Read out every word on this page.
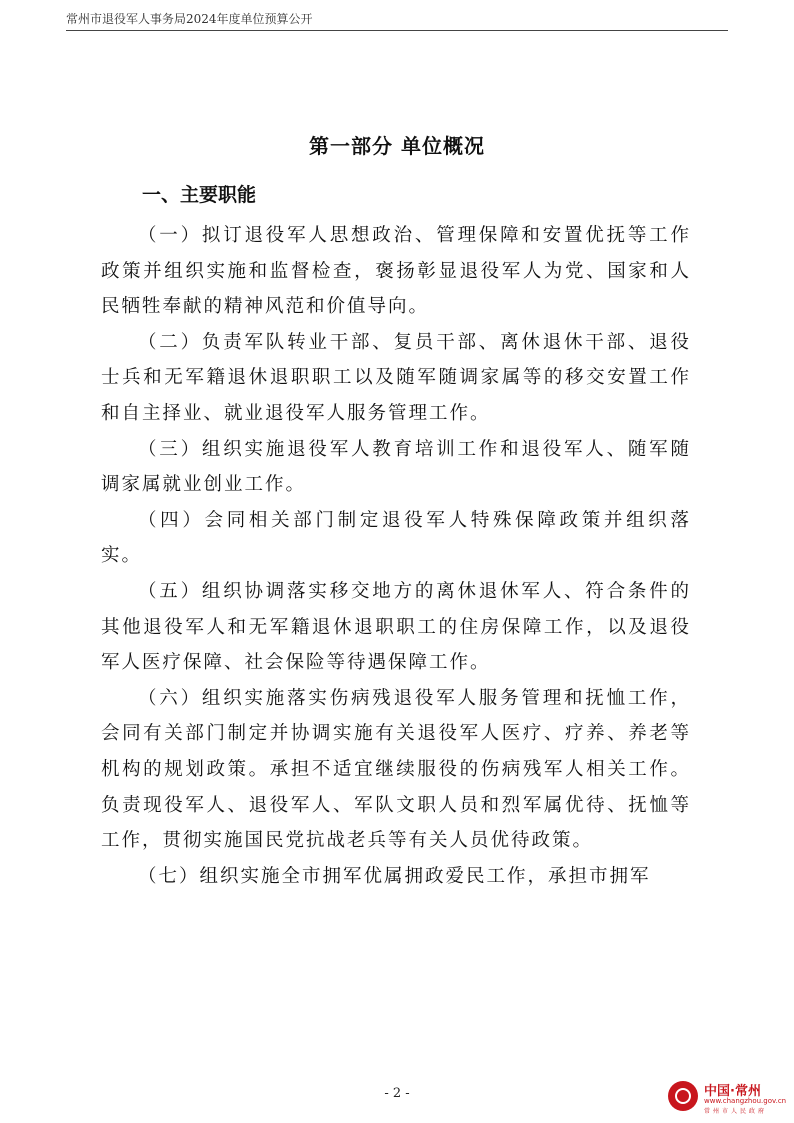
常州市退役军人事务局2024年度单位预算公开
第一部分 单位概况
一、主要职能

（一）拟订退役军人思想政治、管理保障和安置优抚等工作政策并组织实施和监督检查，褒扬彰显退役军人为党、国家和人民牺牲奉献的精神风范和价值导向。

（二）负责军队转业干部、复员干部、离休退休干部、退役士兵和无军籍退休退职职工以及随军随调家属等的移交安置工作和自主择业、就业退役军人服务管理工作。

（三）组织实施退役军人教育培训工作和退役军人、随军随调家属就业创业工作。

（四）会同相关部门制定退役军人特殊保障政策并组织落实。

（五）组织协调落实移交地方的离休退休军人、符合条件的其他退役军人和无军籍退休退职职工的住房保障工作，以及退役军人医疗保障、社会保险等待遇保障工作。

（六）组织实施落实伤病残退役军人服务管理和抚恤工作，会同有关部门制定并协调实施有关退役军人医疗、疗养、养老等机构的规划政策。承担不适宜继续服役的伤病残军人相关工作。负责现役军人、退役军人、军队文职人员和烈军属优待、抚恤等工作，贯彻实施国民党抗战老兵等有关人员优待政策。

（七）组织实施全市拥军优属拥政爱民工作，承担市拥军

- 2 -	中国·常州
www.changzhou.gov.cn
常州市人民政府
